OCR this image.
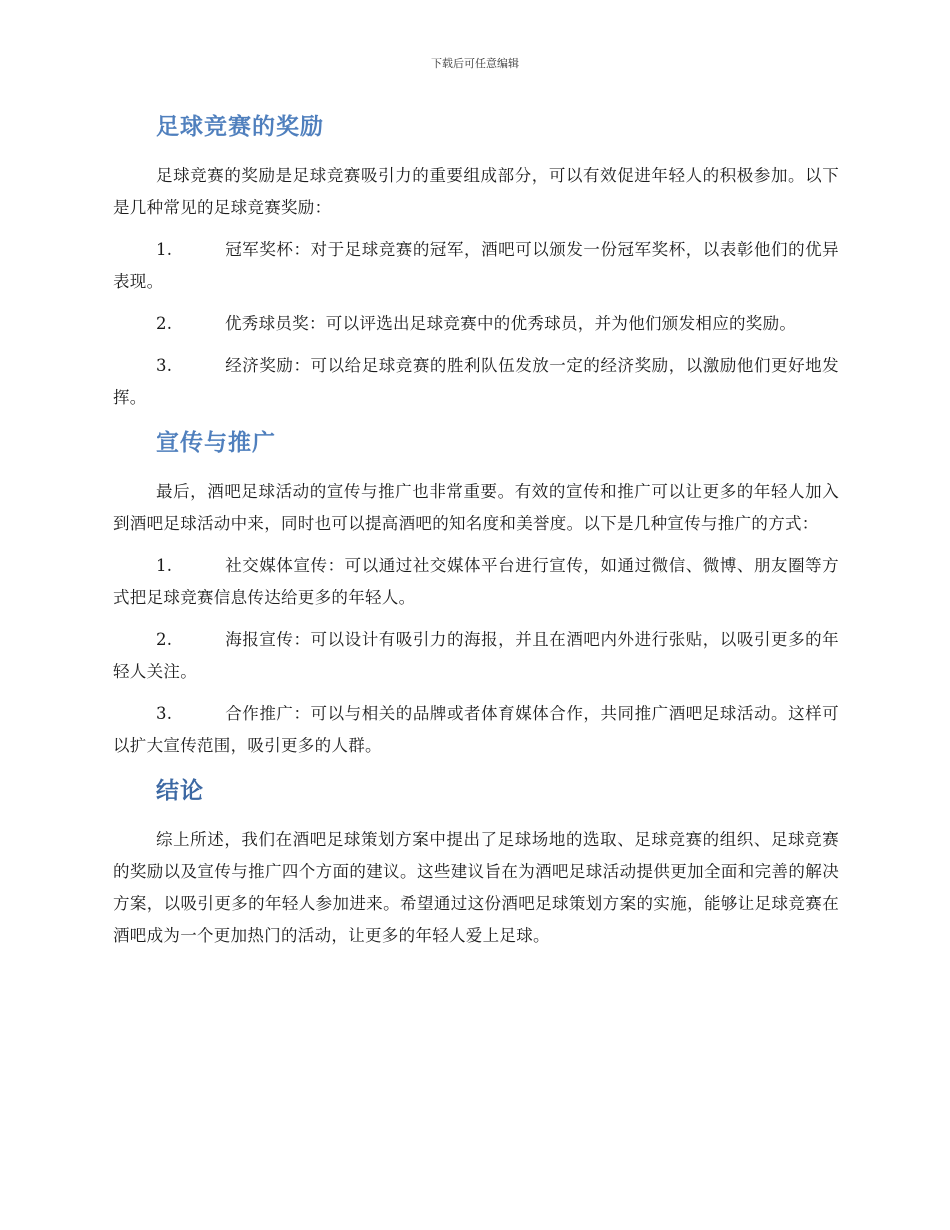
下载后可任意编辑
足球竞赛的奖励

足球竞赛的奖励是足球竞赛吸引力的重要组成部分，可以有效促进年轻人的积极参加。以下是几种常见的足球竞赛奖励：

1.	冠军奖杯：对于足球竞赛的冠军，酒吧可以颁发一份冠军奖杯，以表彰他们的优异表现。

2.	优秀球员奖：可以评选出足球竞赛中的优秀球员，并为他们颁发相应的奖励。

3.	经济奖励：可以给足球竞赛的胜利队伍发放一定的经济奖励，以激励他们更好地发挥。

宣传与推广

最后，酒吧足球活动的宣传与推广也非常重要。有效的宣传和推广可以让更多的年轻人加入到酒吧足球活动中来，同时也可以提高酒吧的知名度和美誉度。以下是几种宣传与推广的方式：

1.	社交媒体宣传：可以通过社交媒体平台进行宣传，如通过微信、微博、朋友圈等方式把足球竞赛信息传达给更多的年轻人。

2.	海报宣传：可以设计有吸引力的海报，并且在酒吧内外进行张贴，以吸引更多的年轻人关注。

3.	合作推广：可以与相关的品牌或者体育媒体合作，共同推广酒吧足球活动。这样可以扩大宣传范围，吸引更多的人群。

结论

综上所述，我们在酒吧足球策划方案中提出了足球场地的选取、足球竞赛的组织、足球竞赛的奖励以及宣传与推广四个方面的建议。这些建议旨在为酒吧足球活动提供更加全面和完善的解决方案，以吸引更多的年轻人参加进来。希望通过这份酒吧足球策划方案的实施，能够让足球竞赛在酒吧成为一个更加热门的活动，让更多的年轻人爱上足球。
